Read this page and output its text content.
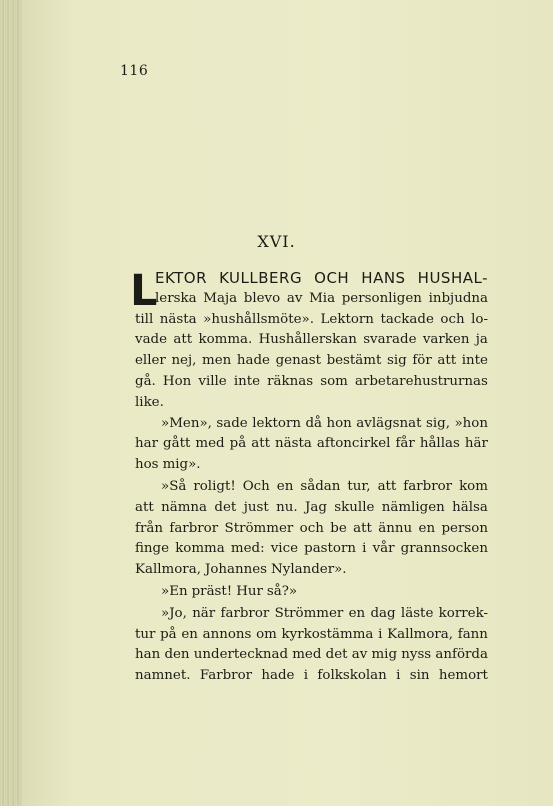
116
XVI.
L
EKTOR KULLBERG OCH HANS HUSHAL-
lerska Maja blevo av Mia personligen inbjudna
till nästa »hushållsmöte». Lektorn tackade och lo-
vade att komma. Hushållerskan svarade varken ja
eller nej, men hade genast bestämt sig för att inte
gå. Hon ville inte räknas som arbetarehustrurnas
like.
»Men», sade lektorn då hon avlägsnat sig, »hon
har gått med på att nästa aftoncirkel får hållas här
hos mig».
»Så roligt! Och en sådan tur, att farbror kom
att nämna det just nu. Jag skulle nämligen hälsa
från farbror Strömmer och be att ännu en person
finge komma med: vice pastorn i vår grannsocken
Kallmora, Johannes Nylander».
»En präst! Hur så?»
»Jo, när farbror Strömmer en dag läste korrek-
tur på en annons om kyrkostämma i Kallmora, fann
han den undertecknad med det av mig nyss anförda
namnet. Farbror hade i folkskolan i sin hemort
